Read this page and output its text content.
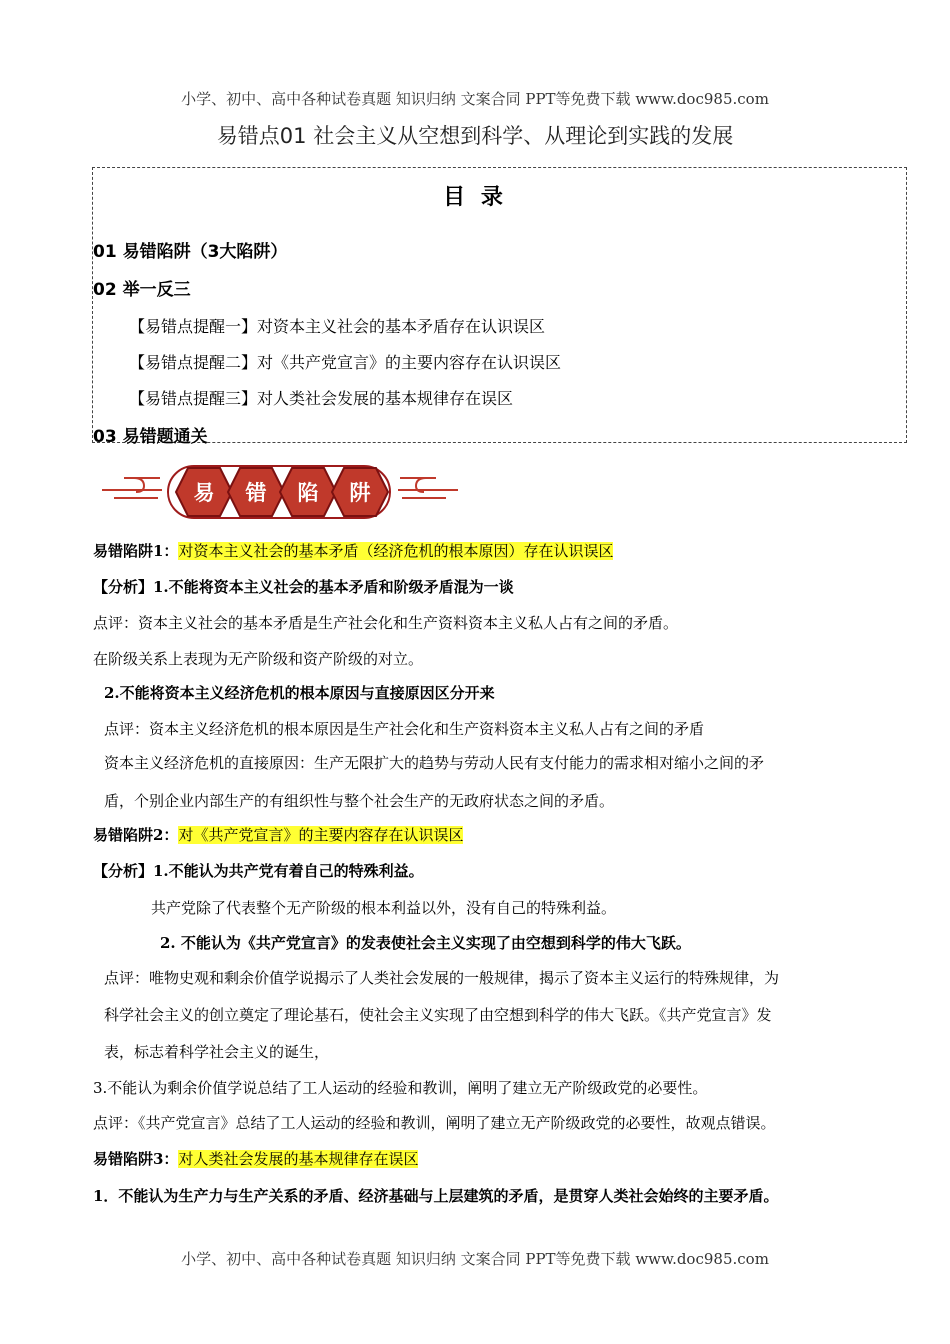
小学、初中、高中各种试卷真题 知识归纳 文案合同 PPT等免费下载 www.doc985.com
易错点01 社会主义从空想到科学、从理论到实践的发展
目 录
01 易错陷阱（3大陷阱）
02 举一反三
【易错点提醒一】对资本主义社会的基本矛盾存在认识误区
【易错点提醒二】对《共产党宣言》的主要内容存在认识误区
【易错点提醒三】对人类社会发展的基本规律存在误区
03 易错题通关
易 错 陷 阱
易错陷阱1：对资本主义社会的基本矛盾（经济危机的根本原因）存在认识误区
【分析】1.不能将资本主义社会的基本矛盾和阶级矛盾混为一谈
点评：资本主义社会的基本矛盾是生产社会化和生产资料资本主义私人占有之间的矛盾。
在阶级关系上表现为无产阶级和资产阶级的对立。
2.不能将资本主义经济危机的根本原因与直接原因区分开来
点评：资本主义经济危机的根本原因是生产社会化和生产资料资本主义私人占有之间的矛盾
资本主义经济危机的直接原因：生产无限扩大的趋势与劳动人民有支付能力的需求相对缩小之间的矛
盾，个别企业内部生产的有组织性与整个社会生产的无政府状态之间的矛盾。
易错陷阱2：对《共产党宣言》的主要内容存在认识误区
【分析】1.不能认为共产党有着自己的特殊利益。
共产党除了代表整个无产阶级的根本利益以外，没有自己的特殊利益。
2. 不能认为《共产党宣言》的发表使社会主义实现了由空想到科学的伟大飞跃。
点评：唯物史观和剩余价值学说揭示了人类社会发展的一般规律，揭示了资本主义运行的特殊规律，为
科学社会主义的创立奠定了理论基石，使社会主义实现了由空想到科学的伟大飞跃。《共产党宣言》发
表，标志着科学社会主义的诞生，
3.不能认为剩余价值学说总结了工人运动的经验和教训，阐明了建立无产阶级政党的必要性。
点评：《共产党宣言》总结了工人运动的经验和教训，阐明了建立无产阶级政党的必要性，故观点错误。
易错陷阱3：对人类社会发展的基本规律存在误区
1．不能认为生产力与生产关系的矛盾、经济基础与上层建筑的矛盾，是贯穿人类社会始终的主要矛盾。
小学、初中、高中各种试卷真题 知识归纳 文案合同 PPT等免费下载 www.doc985.com
